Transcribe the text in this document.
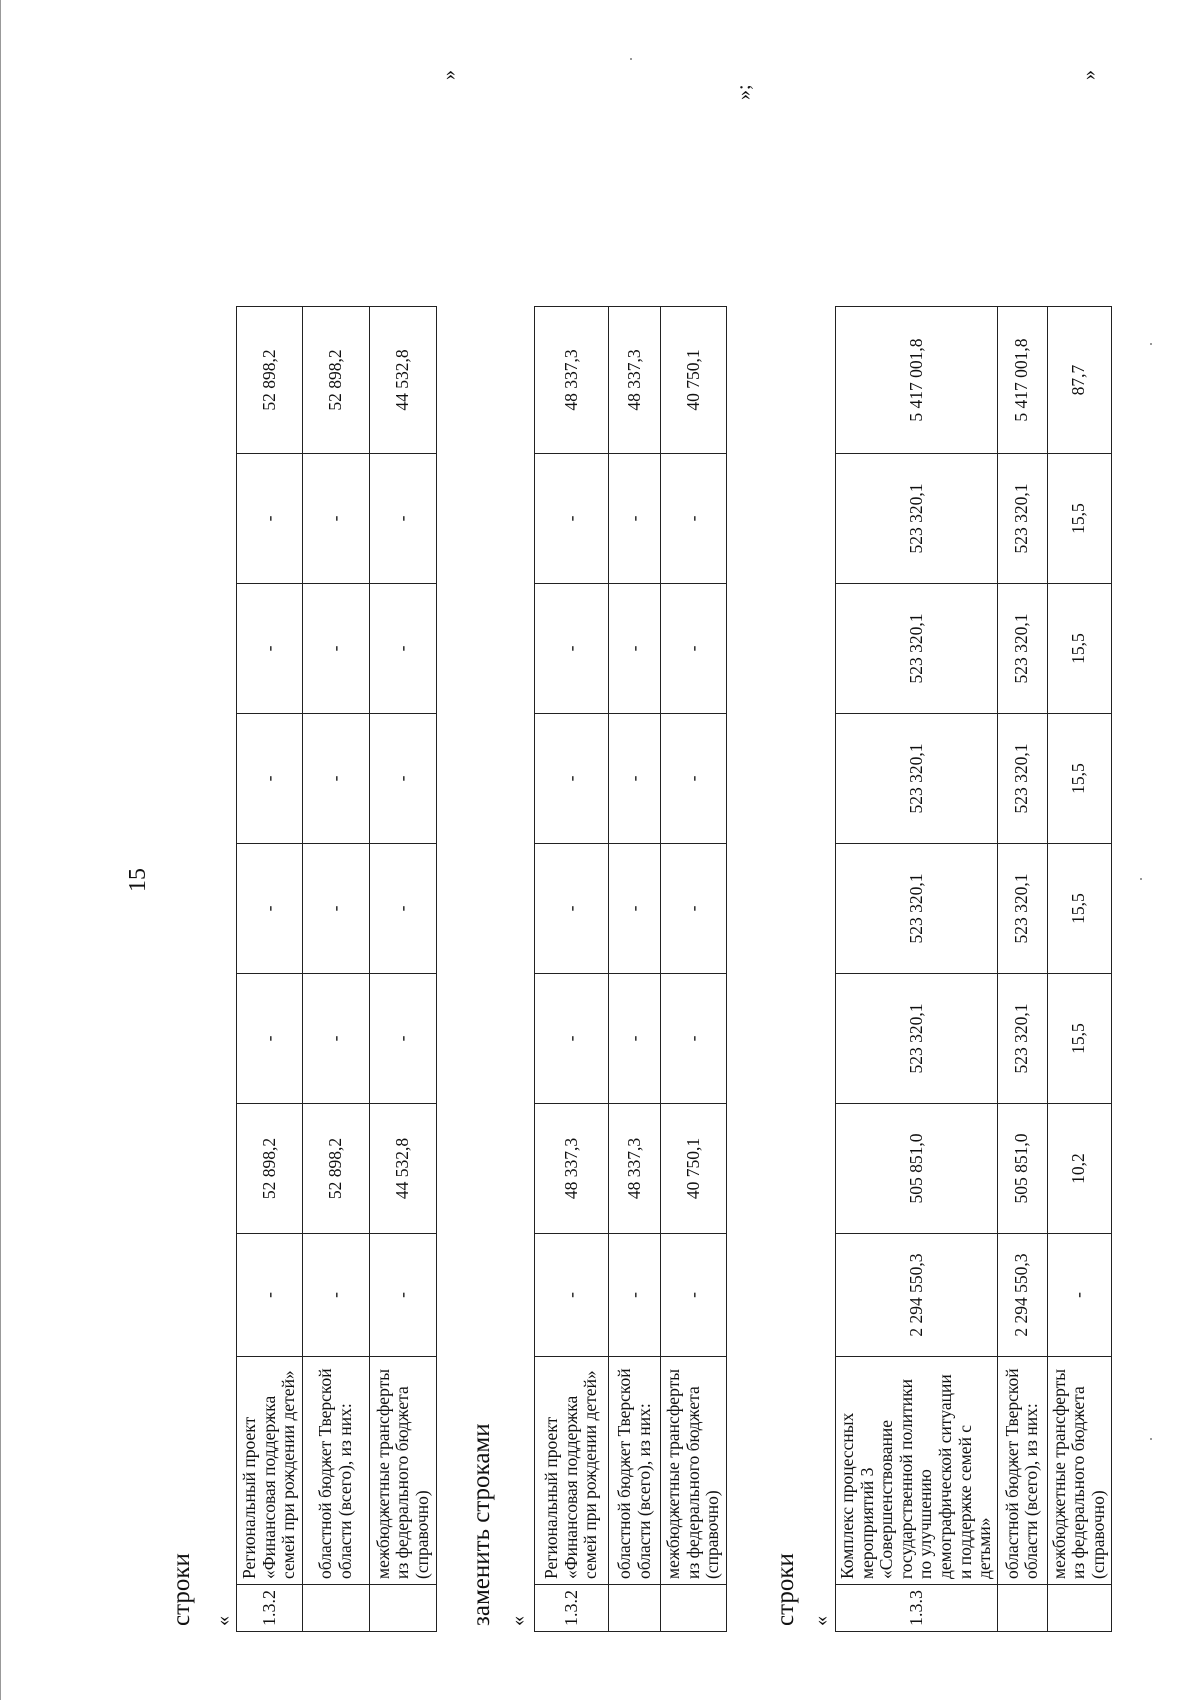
15
строки « 1.3.2	Региональный проект «Финансовая поддержка семей при рождении детей»	-	52 898,2	-	-	-	-	-	52 898,2
	областной бюджет Тверской области (всего), из них:	-	52 898,2	-	-	-	-	-	52 898,2
	межбюджетные трансферты из федерального бюджета (справочно)	-	44 532,8	-	-	-	-	-	44 532,8
»
заменить строками « 1.3.2	Региональный проект «Финансовая поддержка семей при рождении детей»	-	48 337,3	-	-	-	-	-	48 337,3
	областной бюджет Тверской области (всего), из них:	-	48 337,3	-	-	-	-	-	48 337,3
	межбюджетные трансферты из федерального бюджета (справочно)	-	40 750,1	-	-	-	-	-	40 750,1
»;
строки «	1.3.3	Комплекс процессных мероприятий 3 «Совершенствование государственной политики по улучшению демографической ситуации и поддержке семей с детьми»	2 294 550,3	505 851,0	523 320,1	523 320,1	523 320,1	523 320,1	523 320,1	5 417 001,8
	областной бюджет Тверской области (всего), из них:	2 294 550,3	505 851,0	523 320,1	523 320,1	523 320,1	523 320,1	523 320,1	5 417 001,8
	межбюджетные трансферты из федерального бюджета (справочно)	-	10,2	15,5	15,5	15,5	15,5	15,5	87,7
»
